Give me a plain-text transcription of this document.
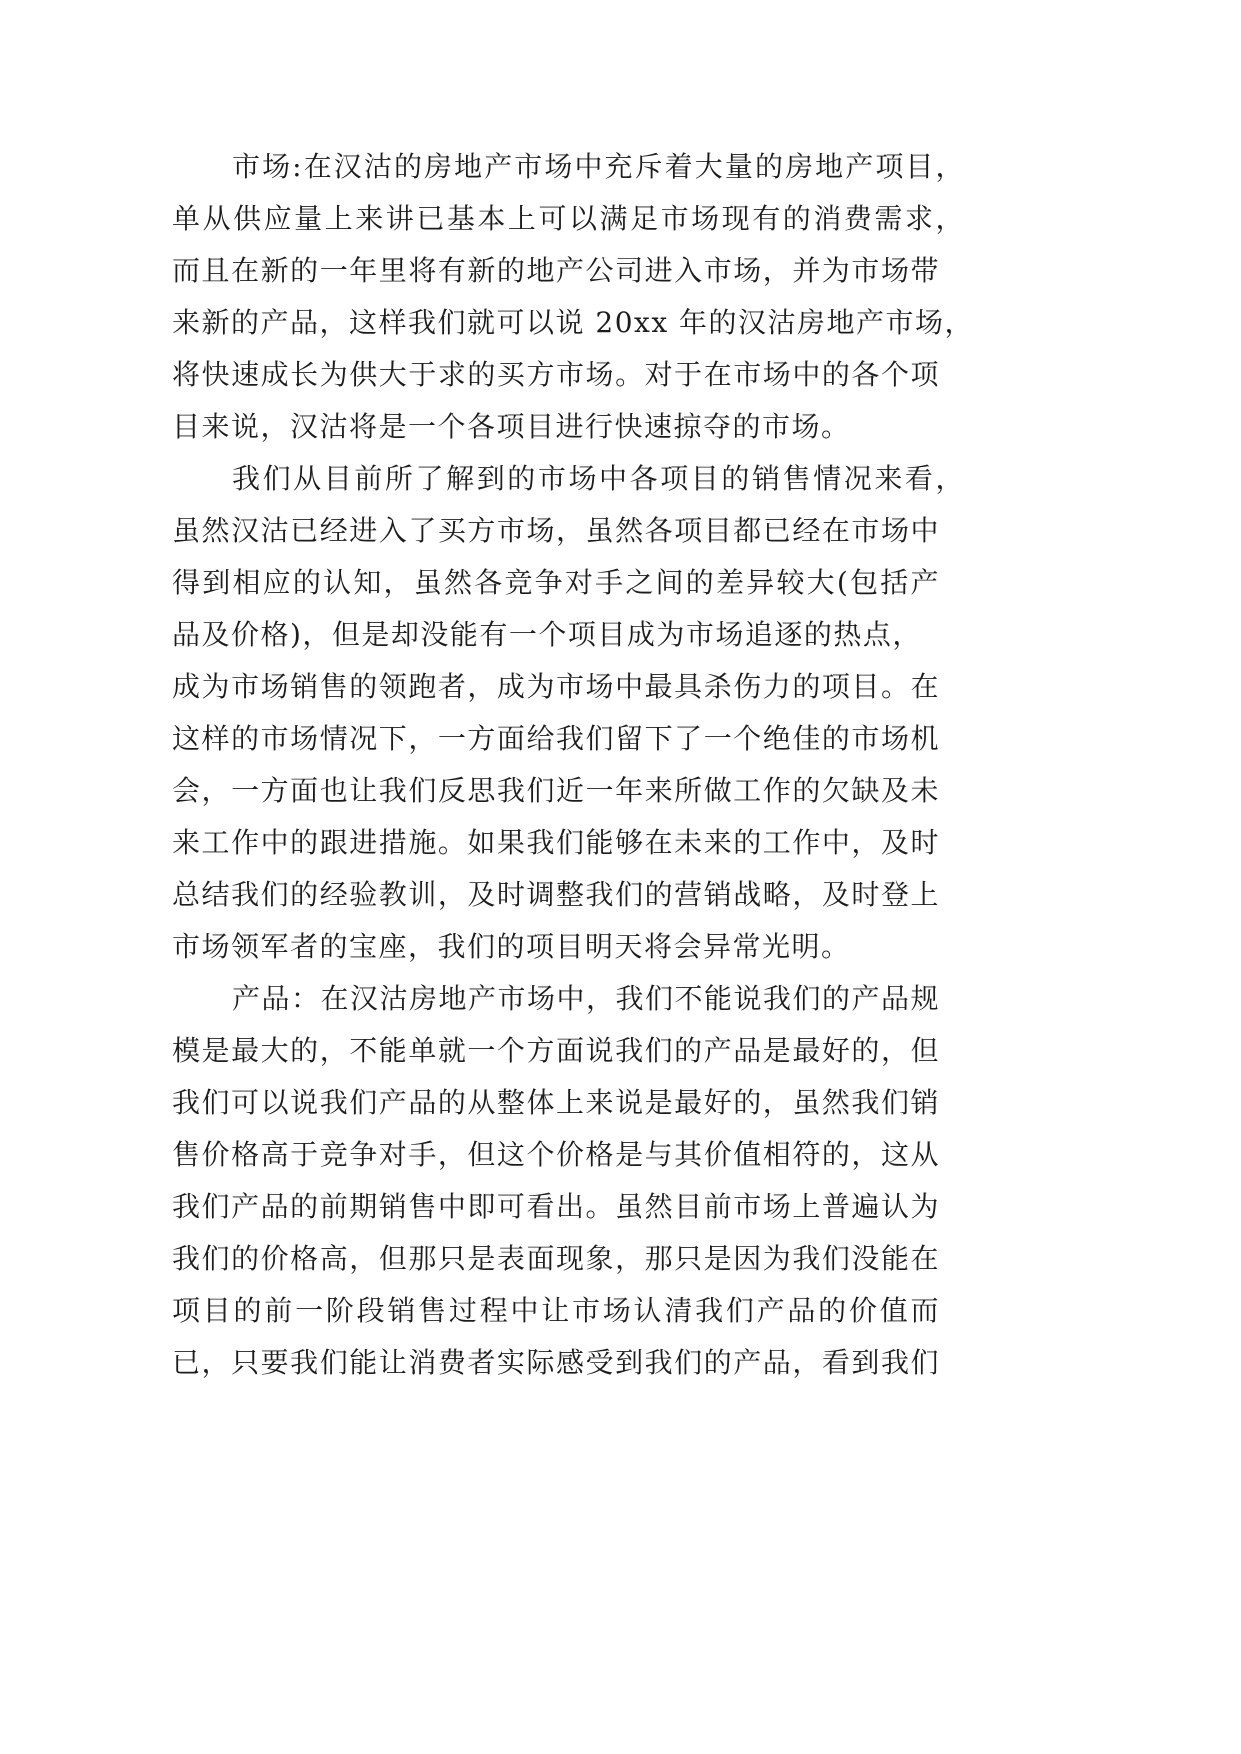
市场:在汉沽的房地产市场中充斥着大量的房地产项目，
单从供应量上来讲已基本上可以满足市场现有的消费需求，
而且在新的一年里将有新的地产公司进入市场，并为市场带
来新的产品，这样我们就可以说 20xx 年的汉沽房地产市场，
将快速成长为供大于求的买方市场。对于在市场中的各个项
目来说，汉沽将是一个各项目进行快速掠夺的市场。
我们从目前所了解到的市场中各项目的销售情况来看，
虽然汉沽已经进入了买方市场，虽然各项目都已经在市场中
得到相应的认知，虽然各竞争对手之间的差异较大(包括产
品及价格)，但是却没能有一个项目成为市场追逐的热点，
成为市场销售的领跑者，成为市场中最具杀伤力的项目。在
这样的市场情况下，一方面给我们留下了一个绝佳的市场机
会，一方面也让我们反思我们近一年来所做工作的欠缺及未
来工作中的跟进措施。如果我们能够在未来的工作中，及时
总结我们的经验教训，及时调整我们的营销战略，及时登上
市场领军者的宝座，我们的项目明天将会异常光明。
产品：在汉沽房地产市场中，我们不能说我们的产品规
模是最大的，不能单就一个方面说我们的产品是最好的，但
我们可以说我们产品的从整体上来说是最好的，虽然我们销
售价格高于竞争对手，但这个价格是与其价值相符的，这从
我们产品的前期销售中即可看出。虽然目前市场上普遍认为
我们的价格高，但那只是表面现象，那只是因为我们没能在
项目的前一阶段销售过程中让市场认清我们产品的价值而
已，只要我们能让消费者实际感受到我们的产品，看到我们
